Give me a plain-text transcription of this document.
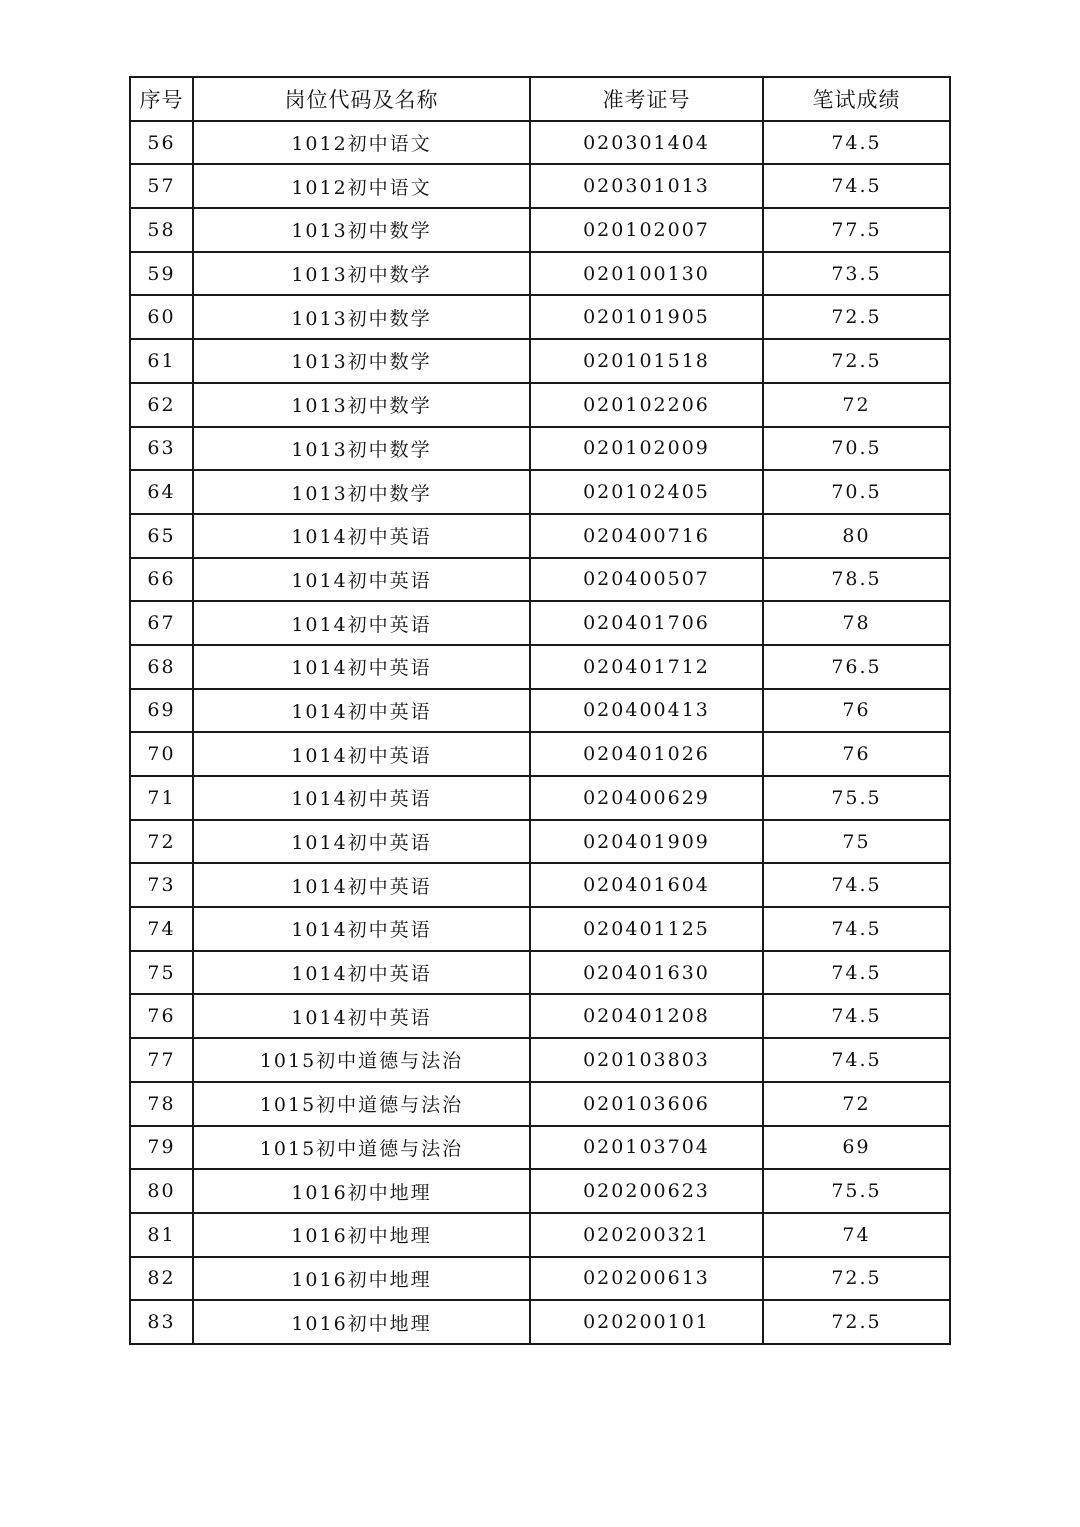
序号	岗位代码及名称	准考证号	笔试成绩
56	1012初中语文	020301404	74.5
57	1012初中语文	020301013	74.5
58	1013初中数学	020102007	77.5
59	1013初中数学	020100130	73.5
60	1013初中数学	020101905	72.5
61	1013初中数学	020101518	72.5
62	1013初中数学	020102206	72
63	1013初中数学	020102009	70.5
64	1013初中数学	020102405	70.5
65	1014初中英语	020400716	80
66	1014初中英语	020400507	78.5
67	1014初中英语	020401706	78
68	1014初中英语	020401712	76.5
69	1014初中英语	020400413	76
70	1014初中英语	020401026	76
71	1014初中英语	020400629	75.5
72	1014初中英语	020401909	75
73	1014初中英语	020401604	74.5
74	1014初中英语	020401125	74.5
75	1014初中英语	020401630	74.5
76	1014初中英语	020401208	74.5
77	1015初中道德与法治	020103803	74.5
78	1015初中道德与法治	020103606	72
79	1015初中道德与法治	020103704	69
80	1016初中地理	020200623	75.5
81	1016初中地理	020200321	74
82	1016初中地理	020200613	72.5
83	1016初中地理	020200101	72.5
